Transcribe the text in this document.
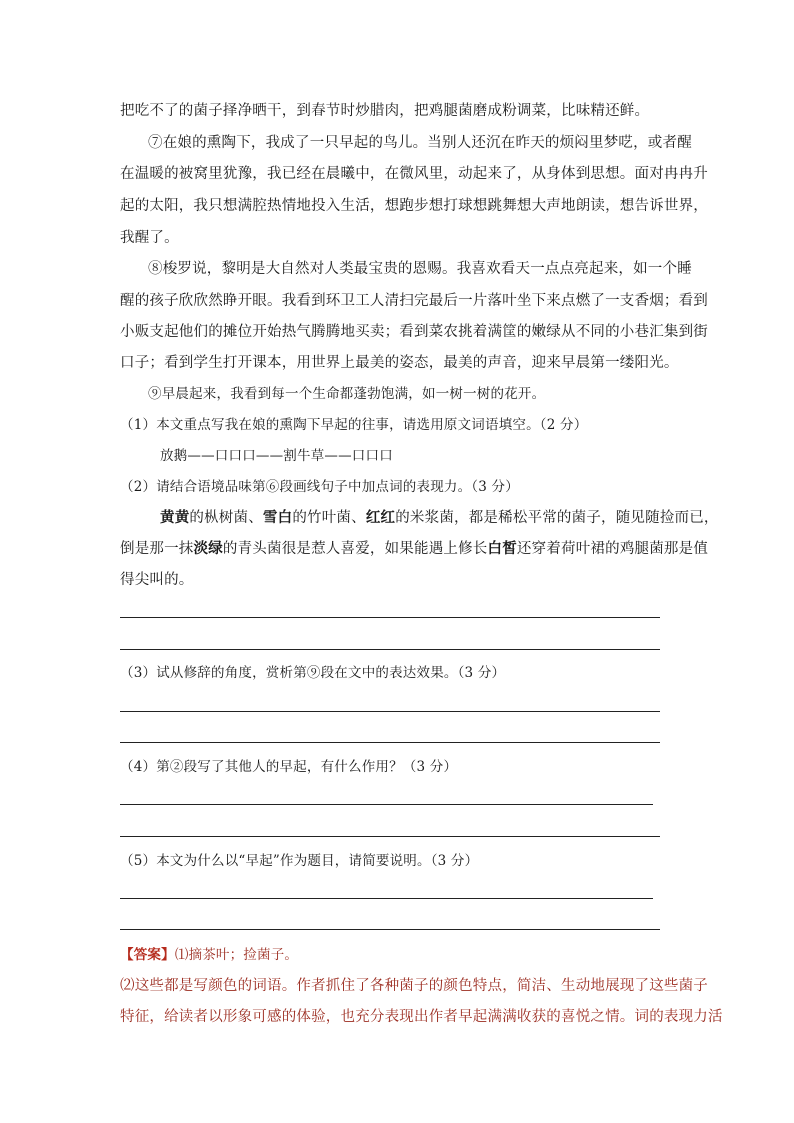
把吃不了的菌子择净晒干，到春节时炒腊肉，把鸡腿菌磨成粉调菜，比味精还鲜。
⑦在娘的熏陶下，我成了一只早起的鸟儿。当别人还沉在昨天的烦闷里梦呓，或者醒
在温暖的被窝里犹豫，我已经在晨曦中，在微风里，动起来了，从身体到思想。面对冉冉升
起的太阳，我只想满腔热情地投入生活，想跑步想打球想跳舞想大声地朗读，想告诉世界，
我醒了。
⑧梭罗说，黎明是大自然对人类最宝贵的恩赐。我喜欢看天一点点亮起来，如一个睡
醒的孩子欣欣然睁开眼。我看到环卫工人清扫完最后一片落叶坐下来点燃了一支香烟；看到
小贩支起他们的摊位开始热气腾腾地买卖；看到菜农挑着满筐的嫩绿从不同的小巷汇集到街
口子；看到学生打开课本，用世界上最美的姿态，最美的声音，迎来早晨第一缕阳光。
⑨早晨起来，我看到每一个生命都蓬勃饱满，如一树一树的花开。
（1）本文重点写我在娘的熏陶下早起的往事，请选用原文词语填空。（2 分）
放鹅——口口口——割牛草——口口口
（2）请结合语境品味第⑥段画线句子中加点词的表现力。（3 分）
黄黄的枞树菌、雪白的竹叶菌、红红的米浆菌，都是稀松平常的菌子，随见随捡而已，
倒是那一抹淡绿的青头菌很是惹人喜爱，如果能遇上修长白皙还穿着荷叶裙的鸡腿菌那是值
得尖叫的。
（3）试从修辞的角度，赏析第⑨段在文中的表达效果。（3 分）
（4）第②段写了其他人的早起，有什么作用？（3 分）
（5）本文为什么以“早起”作为题目，请简要说明。（3 分）
【答案】⑴摘茶叶；捡菌子。
⑵这些都是写颜色的词语。作者抓住了各种菌子的颜色特点，简洁、生动地展现了这些菌子
特征，给读者以形象可感的体验，也充分表现出作者早起满满收获的喜悦之情。词的表现力活
